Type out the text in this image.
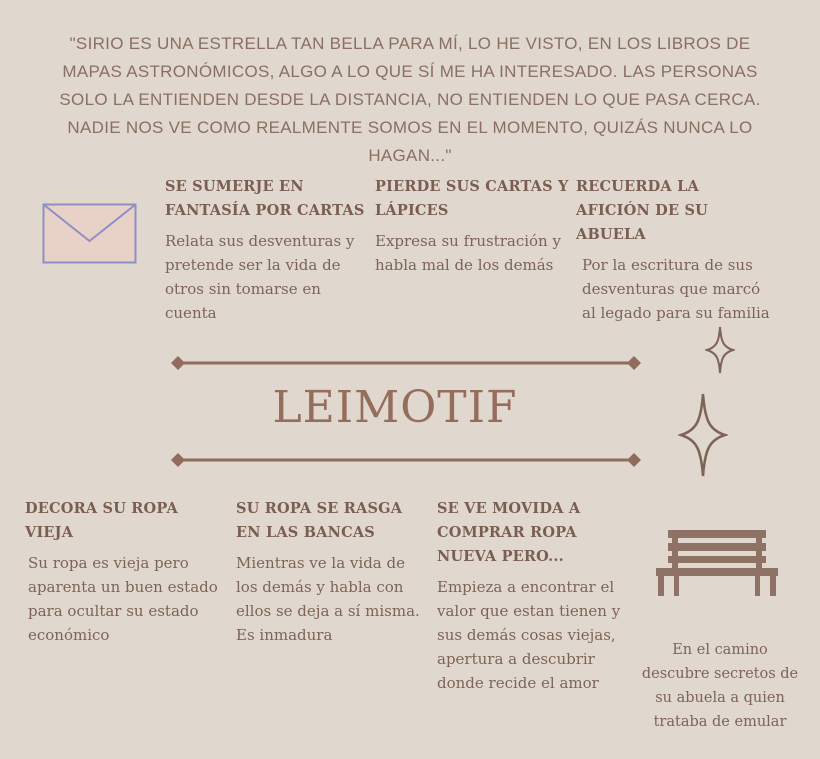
"SIRIO ES UNA ESTRELLA TAN BELLA PARA MÍ, LO HE VISTO, EN LOS LIBROS DE MAPAS ASTRONÓMICOS, ALGO A LO QUE SÍ ME HA INTERESADO. LAS PERSONAS SOLO LA ENTIENDEN DESDE LA DISTANCIA, NO ENTIENDEN LO QUE PASA CERCA. NADIE NOS VE COMO REALMENTE SOMOS EN EL MOMENTO, QUIZÁS NUNCA LO HAGAN..."
SE SUMERJE EN FANTASÍA POR CARTAS

Relata sus desventuras y pretende ser la vida de otros sin tomarse en cuenta

PIERDE SUS CARTAS Y LÁPICES

Expresa su frustración y habla mal de los demás

RECUERDA LA AFICIÓN DE SU ABUELA

Por la escritura de sus desventuras que marcó al legado para su familia

LEIMOTIF
DECORA SU ROPA VIEJA

Su ropa es vieja pero aparenta un buen estado para ocultar su estado económico

SU ROPA SE RASGA EN LAS BANCAS

Mientras ve la vida de los demás y habla con ellos se deja a sí misma. Es inmadura

SE VE MOVIDA A COMPRAR ROPA NUEVA PERO...

Empieza a encontrar el valor que estan tienen y sus demás cosas viejas, apertura a descubrir donde recide el amor

En el camino descubre secretos de su abuela a quien trataba de emular
